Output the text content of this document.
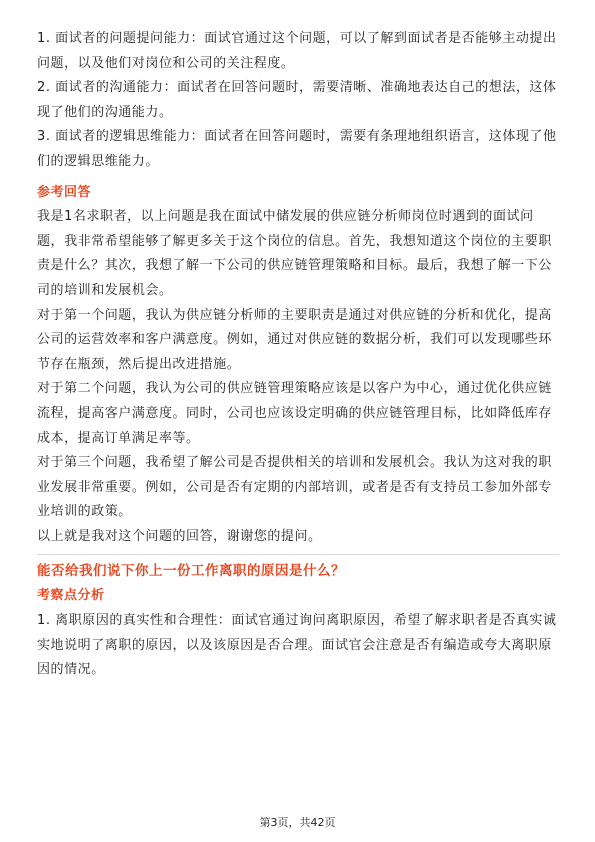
1. 面试者的问题提问能力：面试官通过这个问题，可以了解到面试者是否能够主动提出问题，以及他们对岗位和公司的关注程度。

2. 面试者的沟通能力：面试者在回答问题时，需要清晰、准确地表达自己的想法，这体现了他们的沟通能力。

3. 面试者的逻辑思维能力：面试者在回答问题时，需要有条理地组织语言，这体现了他们的逻辑思维能力。

参考回答

我是1名求职者，以上问题是我在面试中储发展的供应链分析师岗位时遇到的面试问题，我非常希望能够了解更多关于这个岗位的信息。首先，我想知道这个岗位的主要职责是什么？其次，我想了解一下公司的供应链管理策略和目标。最后，我想了解一下公司的培训和发展机会。

对于第一个问题，我认为供应链分析师的主要职责是通过对供应链的分析和优化，提高公司的运营效率和客户满意度。例如，通过对供应链的数据分析，我们可以发现哪些环节存在瓶颈，然后提出改进措施。

对于第二个问题，我认为公司的供应链管理策略应该是以客户为中心，通过优化供应链流程，提高客户满意度。同时，公司也应该设定明确的供应链管理目标，比如降低库存成本，提高订单满足率等。

对于第三个问题，我希望了解公司是否提供相关的培训和发展机会。我认为这对我的职业发展非常重要。例如，公司是否有定期的内部培训，或者是否有支持员工参加外部专业培训的政策。

以上就是我对这个问题的回答，谢谢您的提问。

能否给我们说下你上一份工作离职的原因是什么？
考察点分析

1. 离职原因的真实性和合理性：面试官通过询问离职原因，希望了解求职者是否真实诚实地说明了离职的原因，以及该原因是否合理。面试官会注意是否有编造或夸大离职原因的情况。

第3页，共42页
